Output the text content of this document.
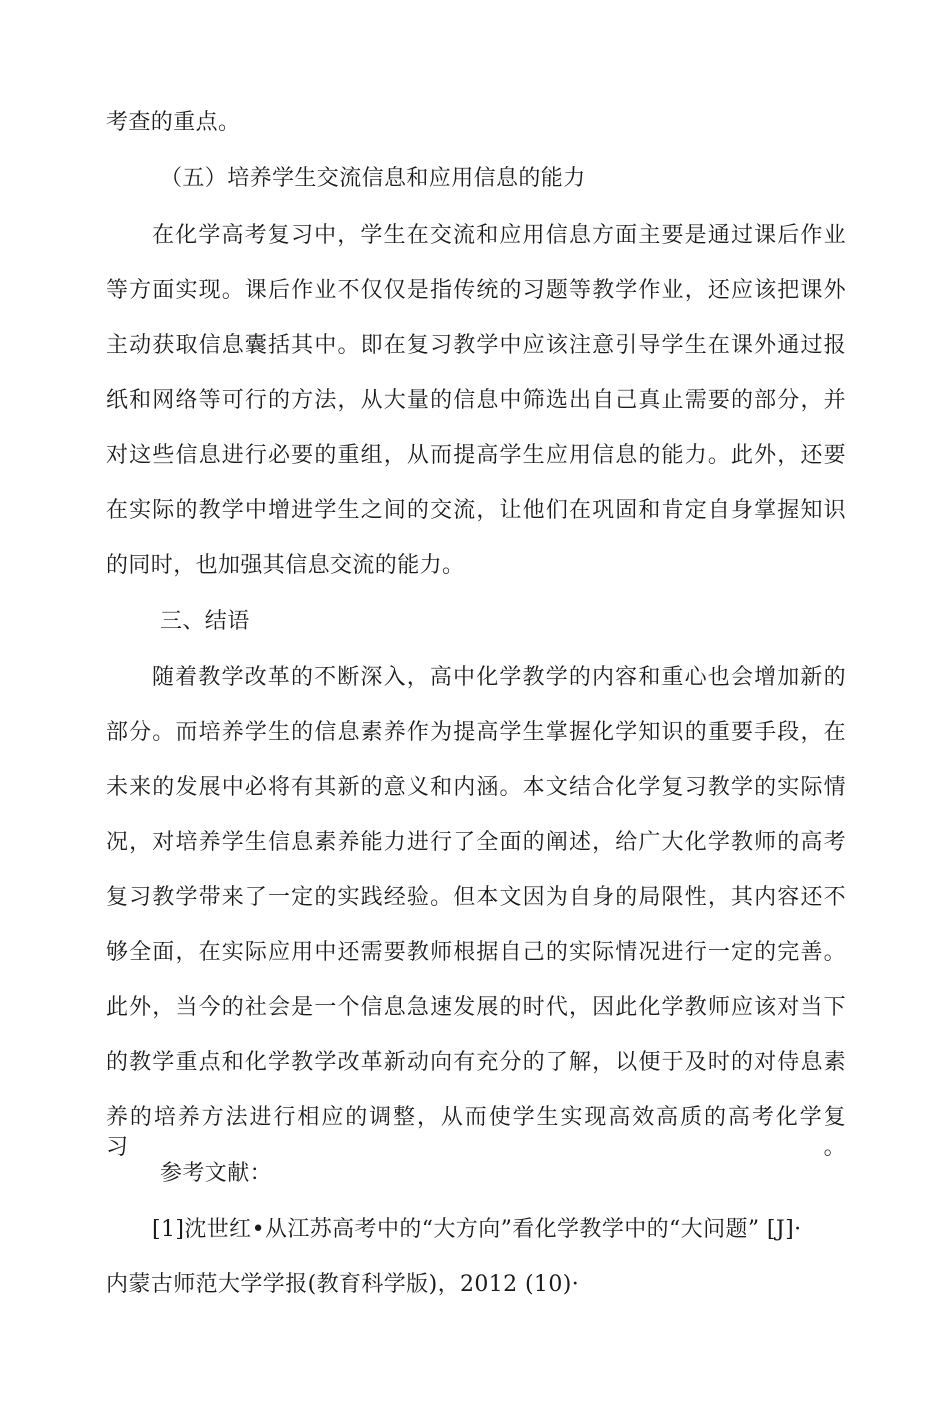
考查的重点。
（五）培养学生交流信息和应用信息的能力
在化学高考复习中，学生在交流和应用信息方面主要是通过课后作业
等方面实现。课后作业不仅仅是指传统的习题等教学作业，还应该把课外
主动获取信息囊括其中。即在复习教学中应该注意引导学生在课外通过报
纸和网络等可行的方法，从大量的信息中筛选出自己真止需要的部分，并
对这些信息进行必要的重组，从而提高学生应用信息的能力。此外，还要
在实际的教学中增进学生之间的交流，让他们在巩固和肯定自身掌握知识
的同时，也加强其信息交流的能力。
三、结语
随着教学改革的不断深入，高中化学教学的内容和重心也会增加新的
部分。而培养学生的信息素养作为提高学生掌握化学知识的重要手段，在
未来的发展中必将有其新的意义和内涵。本文结合化学复习教学的实际情
况，对培养学生信息素养能力进行了全面的阐述，给广大化学教师的高考
复习教学带来了一定的实践经验。但本文因为自身的局限性，其内容还不
够全面，在实际应用中还需要教师根据自己的实际情况进行一定的完善。
此外，当今的社会是一个信息急速发展的时代，因此化学教师应该对当下
的教学重点和化学教学改革新动向有充分的了解，以便于及时的对侍息素
养的培养方法进行相应的调整，从而使学生实现高效高质的高考化学复 习。
参考文献：
[1]沈世红•从江苏高考中的“大方向”看化学教学中的“大问题” [J]·
内蒙古师范大学学报(教育科学版)，2012 (10)·
